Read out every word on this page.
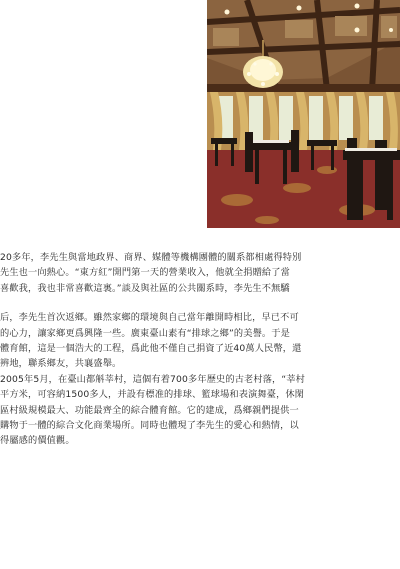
20多年，李先生與當地政界、商界、媒體等機構團體的關系都相處得特別
先生也一向熱心。“東方紅”開門第一天的營業收入，他就全捐贈給了當
喜歡我，我也非常喜歡這裏。”談及與社區的公共關系時，李先生不無驕
后，李先生首次返鄉。雖然家鄉的環境與自己當年離開時相比，早已不可
的心力，讓家鄉更爲興隆一些。廣東臺山素有“排球之鄉”的美譽。于是
體育館，這是一個浩大的工程，爲此他不僅自己捐資了近40萬人民幣，還
辨地，聯系鄉友，共襄盛舉。
2005年5月，在臺山都斛莘村，這個有着700多年歷史的古老村落，“莘村
平方米，可容納1500多人，并設有標准的排球、籃球場和表演舞臺，休閑
區村級規模最大、功能最齊全的綜合體育館。它的建成，爲鄉親們提供一
購物于一體的綜合文化商業場所。同時也體現了李先生的愛心和熱情，以
得屬感的價值觀。
